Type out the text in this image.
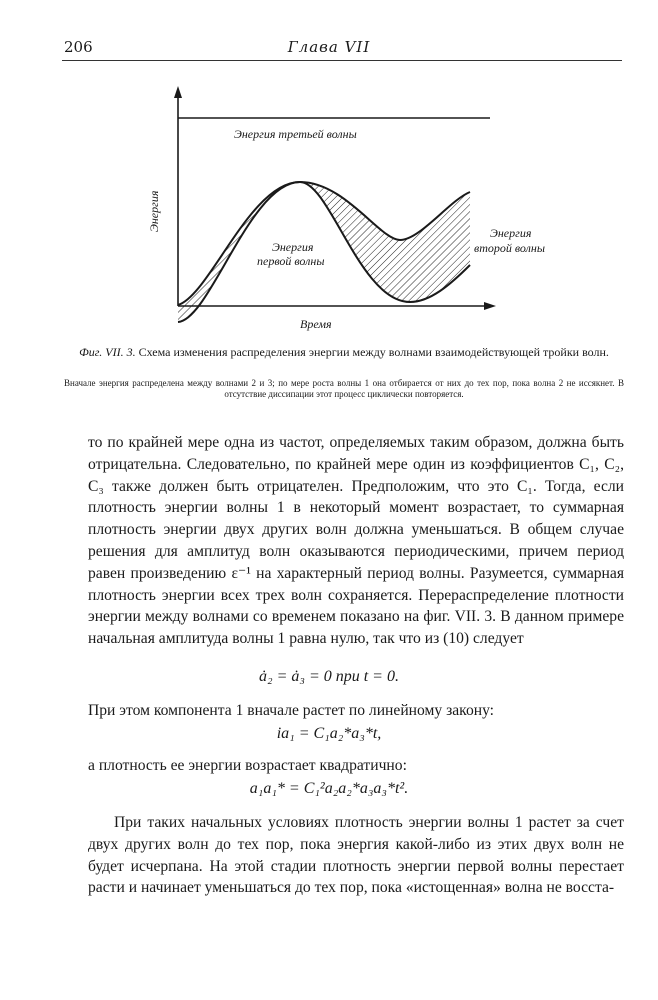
206	Глава VII
Энергия третьей волны
Энергия
первой волны
Энергия
второй волны
Время
Энергия
Фиг. VII. 3. Схема изменения распределения энергии между волнами взаимодействующей тройки волн.
Вначале энергия распределена между волнами 2 и 3; по мере роста волны 1 она отбирается от них до тех пор, пока волна 2 не иссякнет. В отсутствие диссипации этот процесс циклически повторяется.
то по крайней мере одна из частот, определяемых таким образом, должна быть отрицательна. Следовательно, по крайней мере один из коэффициентов C₁, C₂, C₃ также должен быть отрицателен. Предположим, что это C₁. Тогда, если плотность энергии волны 1 в некоторый момент возрастает, то суммарная плотность энергии двух других волн должна уменьшаться. В общем случае решения для амплитуд волн оказываются периодическими, причем период равен произведению ε⁻¹ на характерный период волны. Разумеется, суммарная плотность энергии всех трех волн сохраняется. Перераспределение плотности энергии между волнами со временем показано на фиг. VII. 3. В данном примере начальная амплитуда волны 1 равна нулю, так что из (10) следует
ȧ₂ = ȧ₃ = 0 при t = 0.
При этом компонента 1 вначале растет по линейному закону:
ia₁ = C₁a₂*a₃*t,
а плотность ее энергии возрастает квадратично:
a₁a₁* = C₁²a₂a₂*a₃a₃*t².
При таких начальных условиях плотность энергии волны 1 растет за счет двух других волн до тех пор, пока энергия какой-либо из этих двух волн не будет исчерпана. На этой стадии плотность энергии первой волны перестает расти и начинает уменьшаться до тех пор, пока «истощенная» волна не восста-
